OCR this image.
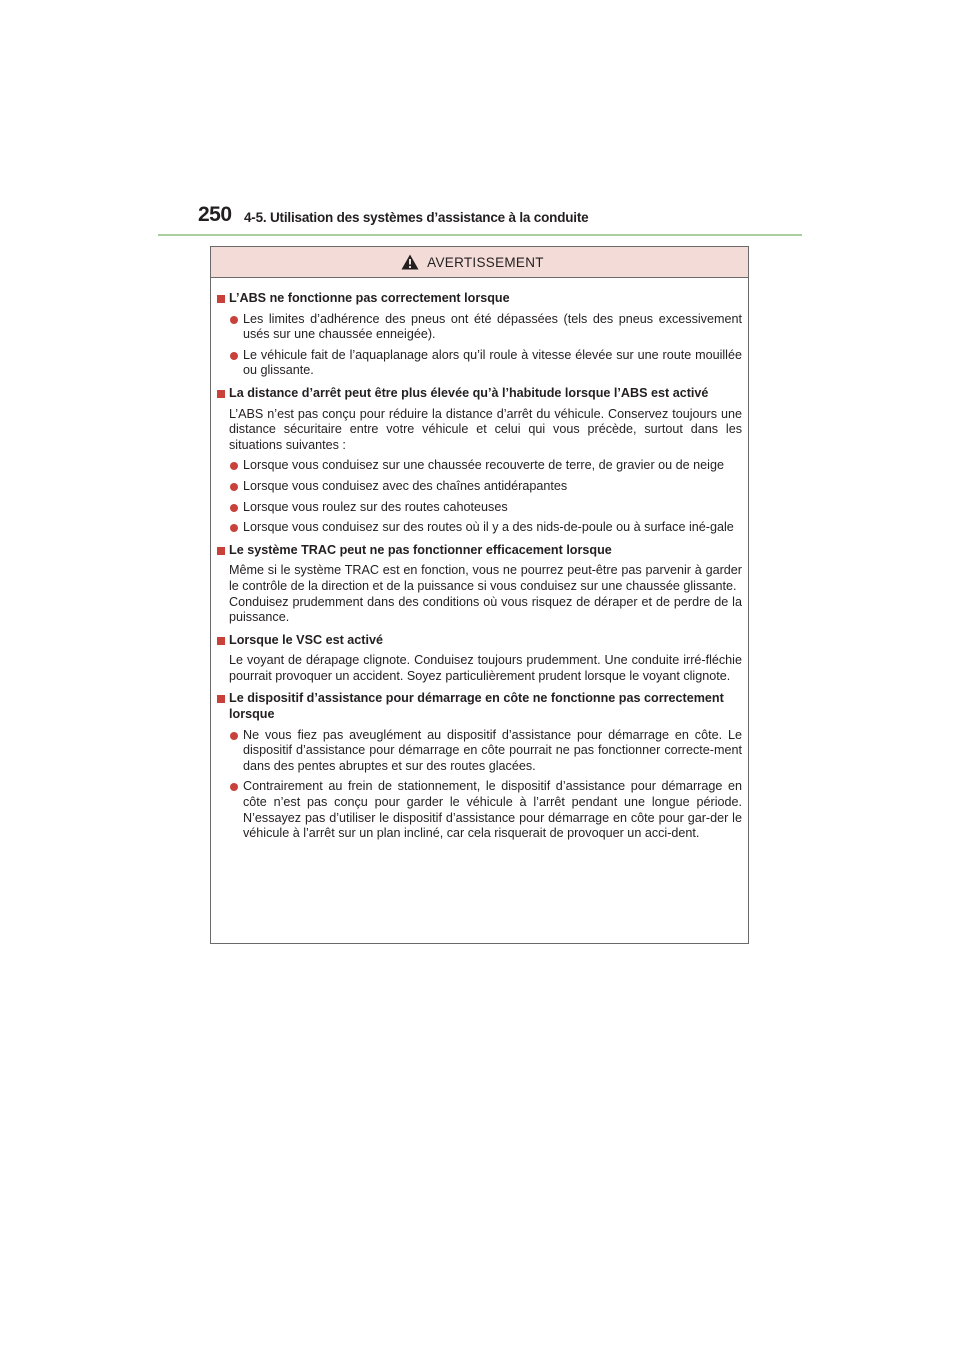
250 4-5. Utilisation des systèmes d’assistance à la conduite
AVERTISSEMENT
L’ABS ne fonctionne pas correctement lorsque
Les limites d’adhérence des pneus ont été dépassées (tels des pneus excessivement usés sur une chaussée enneigée).
Le véhicule fait de l’aquaplanage alors qu’il roule à vitesse élevée sur une route mouillée ou glissante.
La distance d’arrêt peut être plus élevée qu’à l’habitude lorsque l’ABS est activé
L’ABS n’est pas conçu pour réduire la distance d’arrêt du véhicule. Conservez toujours une distance sécuritaire entre votre véhicule et celui qui vous précède, surtout dans les situations suivantes :
Lorsque vous conduisez sur une chaussée recouverte de terre, de gravier ou de neige
Lorsque vous conduisez avec des chaînes antidérapantes
Lorsque vous roulez sur des routes cahoteuses
Lorsque vous conduisez sur des routes où il y a des nids-de-poule ou à surface iné-gale
Le système TRAC peut ne pas fonctionner efficacement lorsque
Même si le système TRAC est en fonction, vous ne pourrez peut-être pas parvenir à garder le contrôle de la direction et de la puissance si vous conduisez sur une chaussée glissante.
Conduisez prudemment dans des conditions où vous risquez de déraper et de perdre de la puissance.
Lorsque le VSC est activé
Le voyant de dérapage clignote. Conduisez toujours prudemment. Une conduite irré-fléchie pourrait provoquer un accident. Soyez particulièrement prudent lorsque le voyant clignote.
Le dispositif d’assistance pour démarrage en côte ne fonctionne pas correctement lorsque
Ne vous fiez pas aveuglément au dispositif d’assistance pour démarrage en côte. Le dispositif d’assistance pour démarrage en côte pourrait ne pas fonctionner correcte-ment dans des pentes abruptes et sur des routes glacées.
Contrairement au frein de stationnement, le dispositif d’assistance pour démarrage en côte n’est pas conçu pour garder le véhicule à l’arrêt pendant une longue période. N’essayez pas d’utiliser le dispositif d’assistance pour démarrage en côte pour gar-der le véhicule à l’arrêt sur un plan incliné, car cela risquerait de provoquer un acci-dent.
